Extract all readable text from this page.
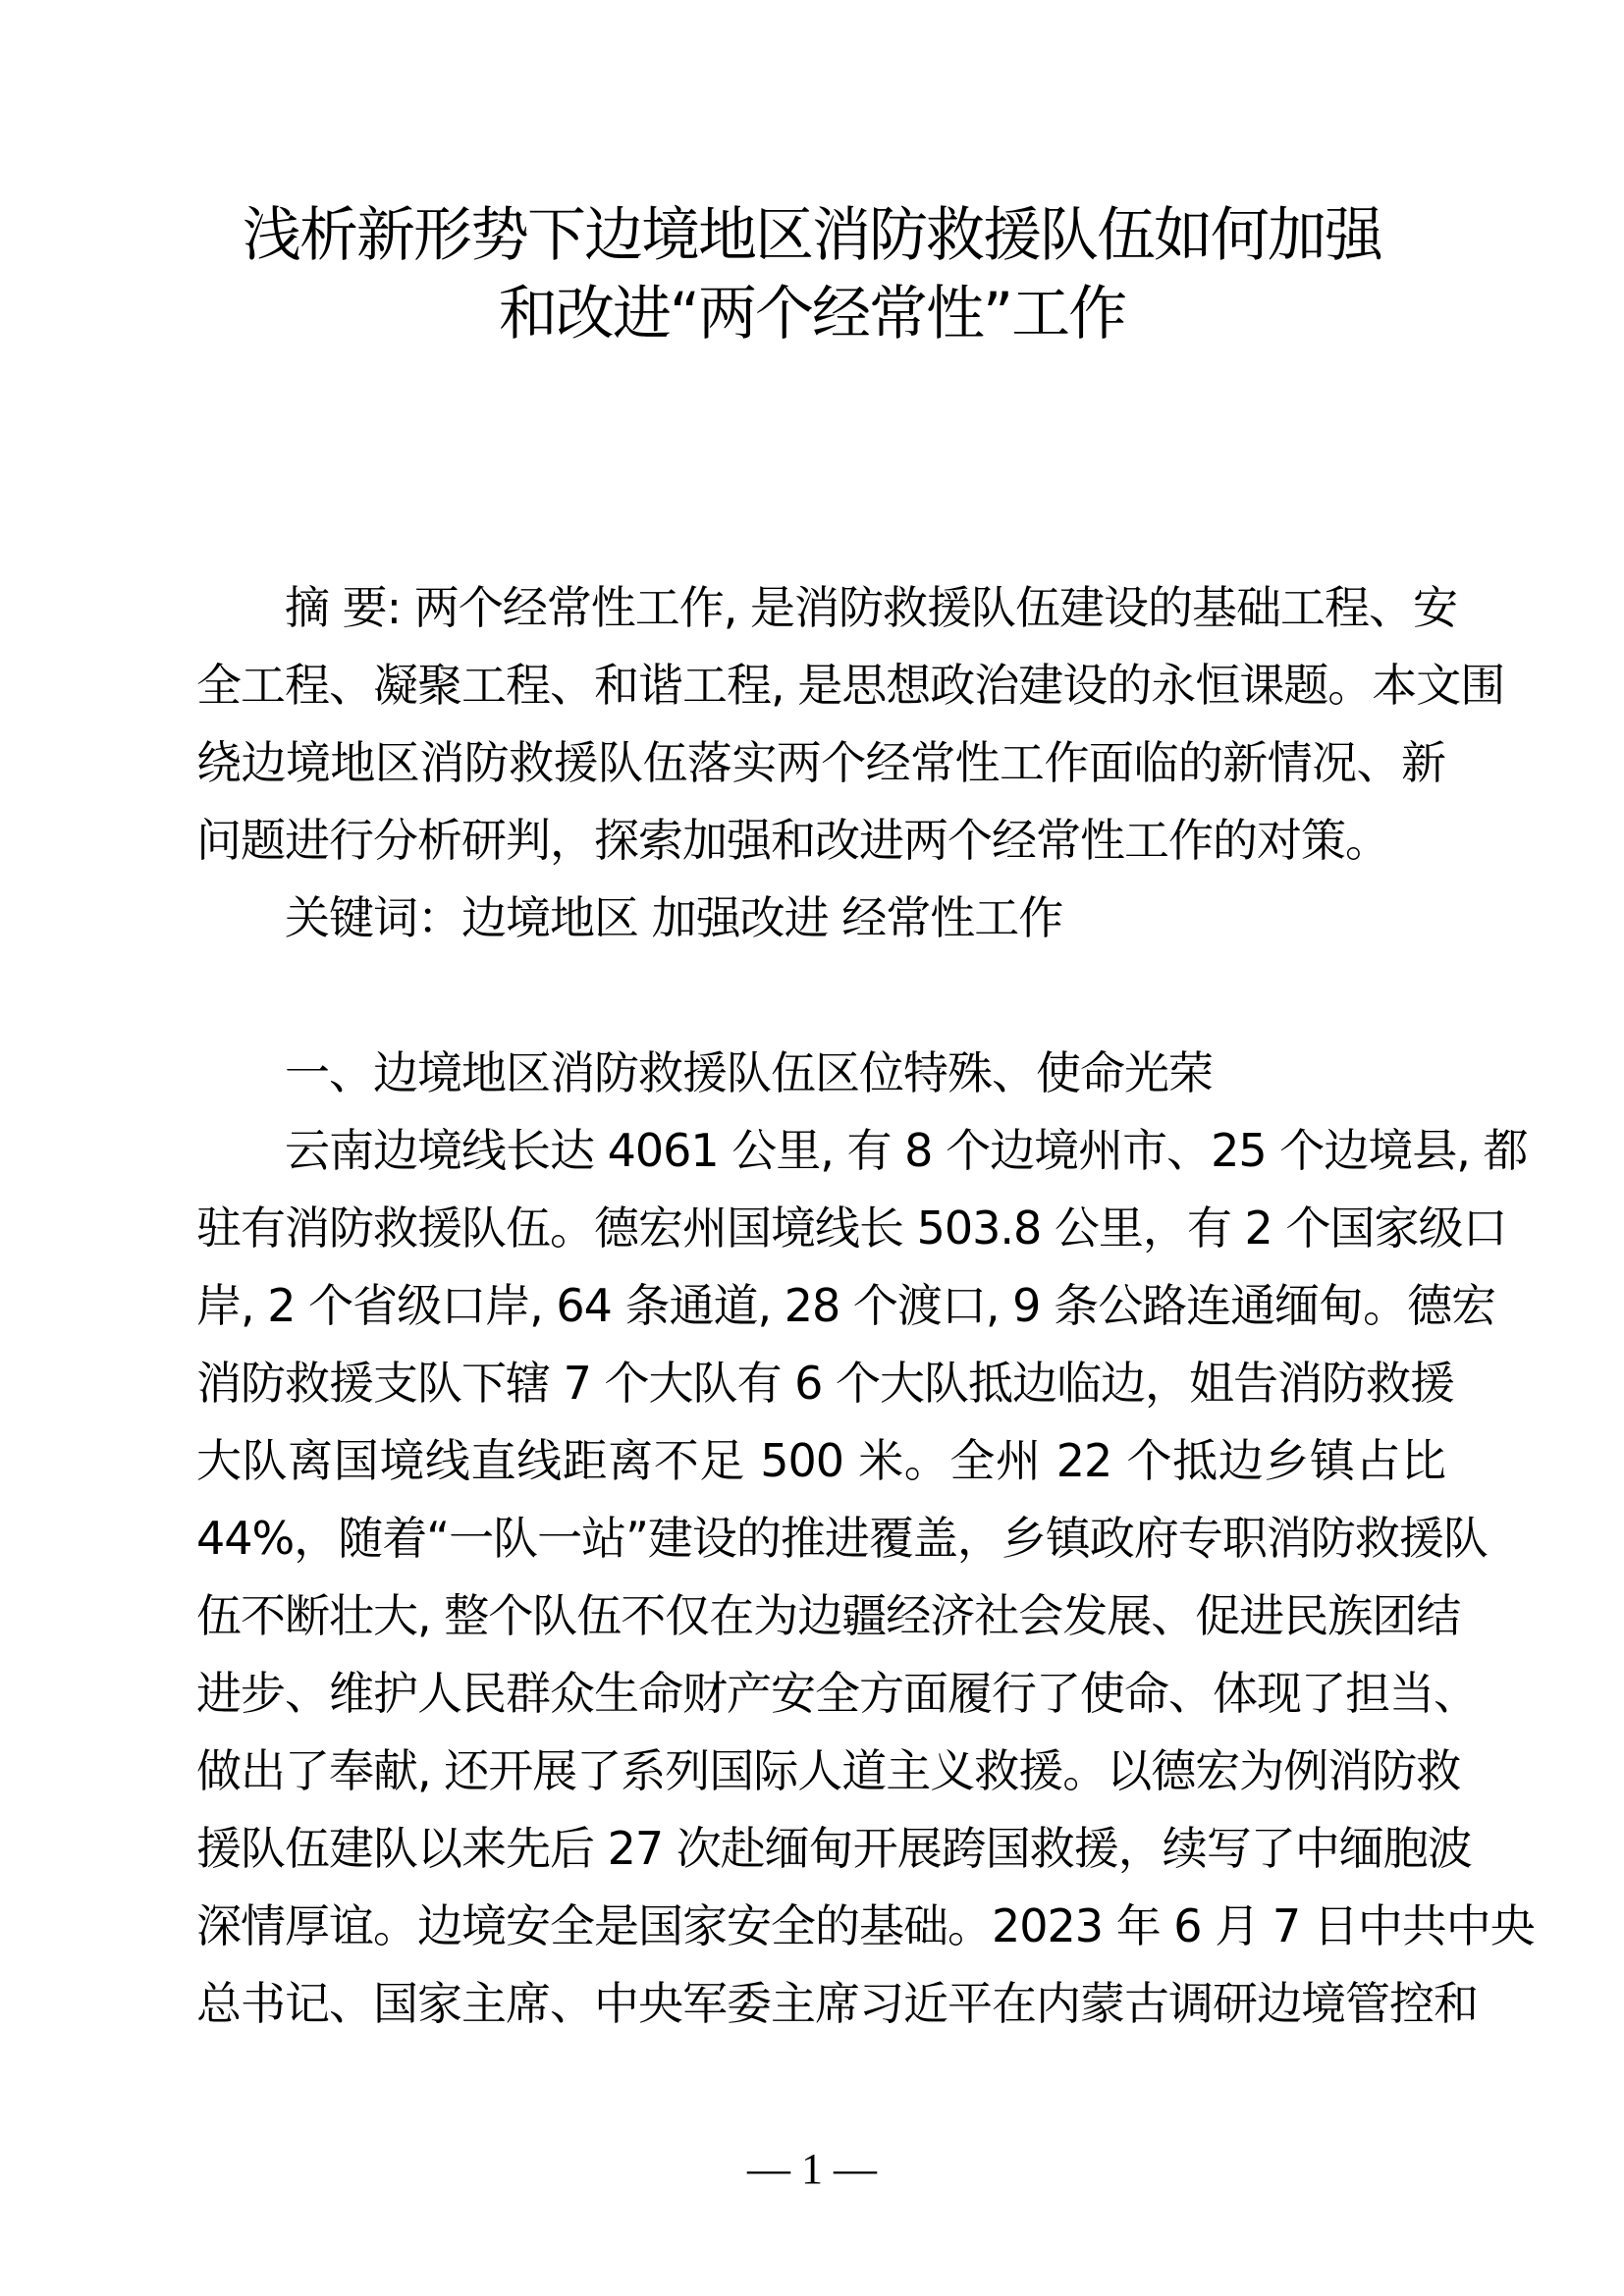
浅析新形势下边境地区消防救援队伍如何加强
和改进“两个经常性”工作
摘 要: 两个经常性工作, 是消防救援队伍建设的基础工程、安
全工程、凝聚工程、和谐工程, 是思想政治建设的永恒课题。本文围
绕边境地区消防救援队伍落实两个经常性工作面临的新情况、新
问题进行分析研判，探索加强和改进两个经常性工作的对策。
关键词：边境地区 加强改进 经常性工作
一、边境地区消防救援队伍区位特殊、使命光荣
云南边境线长达 4061 公里, 有 8 个边境州市、25 个边境县, 都
驻有消防救援队伍。德宏州国境线长 503.8 公里，有 2 个国家级口
岸, 2 个省级口岸, 64 条通道, 28 个渡口, 9 条公路连通缅甸。德宏
消防救援支队下辖 7 个大队有 6 个大队抵边临边，姐告消防救援
大队离国境线直线距离不足 500 米。全州 22 个抵边乡镇占比
44%，随着“一队一站”建设的推进覆盖，乡镇政府专职消防救援队
伍不断壮大, 整个队伍不仅在为边疆经济社会发展、促进民族团结
进步、维护人民群众生命财产安全方面履行了使命、体现了担当、
做出了奉献, 还开展了系列国际人道主义救援。以德宏为例消防救
援队伍建队以来先后 27 次赴缅甸开展跨国救援，续写了中缅胞波
深情厚谊。边境安全是国家安全的基础。2023 年 6 月 7 日中共中央
总书记、国家主席、中央军委主席习近平在内蒙古调研边境管控和
— 1 —
